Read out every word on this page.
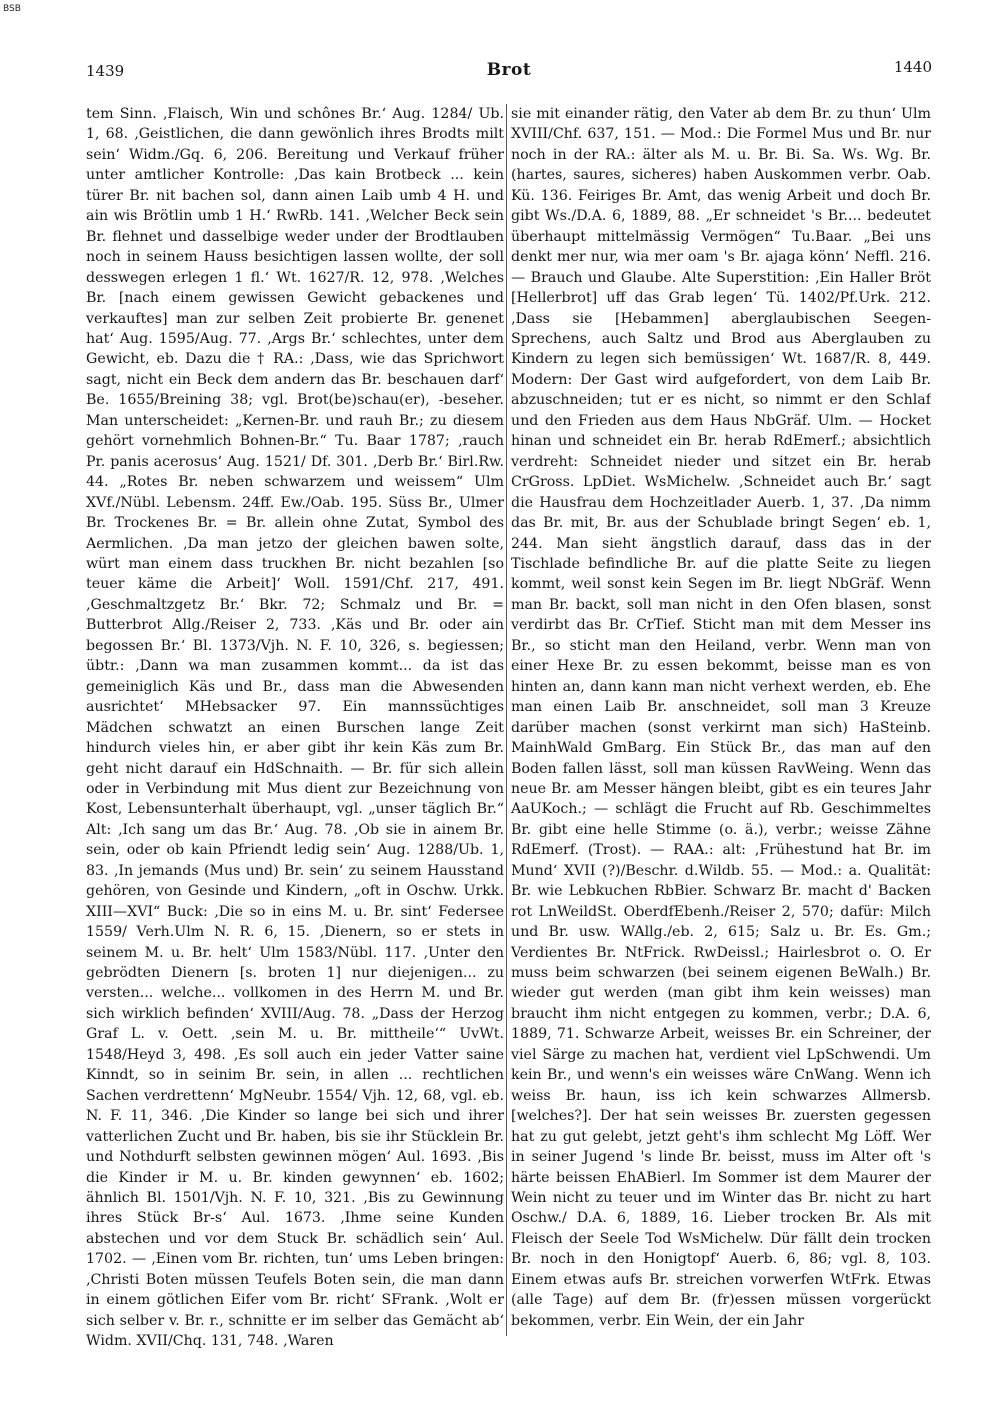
BSB
1439	Brot	1440

tem Sinn. ‚Flaisch, Win und schônes Br.‘ Aug. 1284/ Ub. 1, 68. ‚Geistlichen, die dann gewönlich ihres Brodts milt sein‘ Widm./Gq. 6, 206. Bereitung und Verkauf früher unter amtlicher Kontrolle: ‚Das kain Brotbeck ... kein türer Br. nit bachen sol, dann ainen Laib umb 4 H. und ain wis Brötlin umb 1 H.‘ RwRb. 141. ‚Welcher Beck sein Br. flehnet und dasselbige weder under der Brodtlauben noch in seinem Hauss besichtigen lassen wollte, der soll desswegen erlegen 1 fl.‘ Wt. 1627/R. 12, 978. ‚Welches Br. [nach einem gewissen Gewicht gebackenes und verkauftes] man zur selben Zeit probierte Br. genenet hat‘ Aug. 1595/Aug. 77. ‚Args Br.‘ schlechtes, unter dem Gewicht, eb. Dazu die † RA.: ‚Dass, wie das Sprichwort sagt, nicht ein Beck dem andern das Br. beschauen darf‘ Be. 1655/Breining 38; vgl. Brot(be)schau(er), -beseher. Man unterscheidet: „Kernen-Br. und rauh Br.; zu diesem gehört vornehmlich Bohnen-Br.“ Tu. Baar 1787; ‚rauch Pr. panis acerosus‘ Aug. 1521/ Df. 301. ‚Derb Br.‘ Birl.Rw. 44. „Rotes Br. neben schwarzem und weissem“ Ulm XVf./Nübl. Lebensm. 24ff. Ew./Oab. 195. Süss Br., Ulmer Br. Trockenes Br. = Br. allein ohne Zutat, Symbol des Aermlichen. ‚Da man jetzo der gleichen bawen solte, würt man einem dass truckhen Br. nicht bezahlen [so teuer käme die Arbeit]‘ Woll. 1591/Chf. 217, 491. ‚Geschmaltzgetz Br.‘ Bkr. 72; Schmalz und Br. = Butterbrot Allg./Reiser 2, 733. ‚Käs und Br. oder ain begossen Br.‘ Bl. 1373/Vjh. N. F. 10, 326, s. begiessen; übtr.: ‚Dann wa man zusammen kommt... da ist das gemeiniglich Käs und Br., dass man die Abwesenden ausrichtet‘ MHebsacker 97. Ein mannssüchtiges Mädchen schwatzt an einen Burschen lange Zeit hindurch vieles hin, er aber gibt ihr kein Käs zum Br. geht nicht darauf ein HdSchnaith. — Br. für sich allein oder in Verbindung mit Mus dient zur Bezeichnung von Kost, Lebensunterhalt überhaupt, vgl. „unser täglich Br.“ Alt: ‚Ich sang um das Br.‘ Aug. 78. ‚Ob sie in ainem Br. sein, oder ob kain Pfriendt ledig sein‘ Aug. 1288/Ub. 1, 83. ‚In jemands (Mus und) Br. sein‘ zu seinem Hausstand gehören, von Gesinde und Kindern, „oft in Oschw. Urkk. XIII—XVI“ Buck: ‚Die so in eins M. u. Br. sint‘ Federsee 1559/ Verh.Ulm N. R. 6, 15. ‚Dienern, so er stets in seinem M. u. Br. helt‘ Ulm 1583/Nübl. 117. ‚Unter den gebrödten Dienern [s. broten 1] nur diejenigen... zu versten... welche... vollkomen in des Herrn M. und Br. sich wirklich befinden‘ XVIII/Aug. 78. „Dass der Herzog Graf L. v. Oett. ‚sein M. u. Br. mittheile‘“ UvWt. 1548/Heyd 3, 498. ‚Es soll auch ein jeder Vatter saine Kinndt, so in seinim Br. sein, in allen ... rechtlichen Sachen verdrettenn‘ MgNeubr. 1554/ Vjh. 12, 68, vgl. eb. N. F. 11, 346. ‚Die Kinder so lange bei sich und ihrer vatterlichen Zucht und Br. haben, bis sie ihr Stücklein Br. und Nothdurft selbsten gewinnen mögen‘ Aul. 1693. ‚Bis die Kinder ir M. u. Br. kinden gewynnen‘ eb. 1602; ähnlich Bl. 1501/Vjh. N. F. 10, 321. ‚Bis zu Gewinnung ihres Stück Br-s‘ Aul. 1673. ‚Ihme seine Kunden abstechen und vor dem Stuck Br. schädlich sein‘ Aul. 1702. — ‚Einen vom Br. richten, tun‘ ums Leben bringen: ‚Christi Boten müssen Teufels Boten sein, die man dann in einem götlichen Eifer vom Br. richt‘ SFrank. ‚Wolt er sich selber v. Br. r., schnitte er im selber das Gemächt ab‘ Widm. XVII/Chq. 131, 748. ‚Waren

sie mit einander rätig, den Vater ab dem Br. zu thun‘ Ulm XVIII/Chf. 637, 151. — Mod.: Die Formel Mus und Br. nur noch in der RA.: älter als M. u. Br. Bi. Sa. Ws. Wg. Br. (hartes, saures, sicheres) haben Auskommen verbr. Oab. Kü. 136. Feiriges Br. Amt, das wenig Arbeit und doch Br. gibt Ws./D.A. 6, 1889, 88. „Er schneidet 's Br.... bedeutet überhaupt mittelmässig Vermögen“ Tu.Baar. „Bei uns denkt mer nur, wia mer oam 's Br. ajaga könn‘ Neffl. 216. — Brauch und Glaube. Alte Superstition: ‚Ein Haller Bröt [Hellerbrot] uff das Grab legen‘ Tü. 1402/Pf.Urk. 212. ‚Dass sie [Hebammen] aberglaubischen Seegen-Sprechens, auch Saltz und Brod aus Aberglauben zu Kindern zu legen sich bemüssigen‘ Wt. 1687/R. 8, 449. Modern: Der Gast wird aufgefordert, von dem Laib Br. abzuschneiden; tut er es nicht, so nimmt er den Schlaf und den Frieden aus dem Haus NbGräf. Ulm. — Hocket hinan und schneidet ein Br. herab RdEmerf.; absichtlich verdreht: Schneidet nieder und sitzet ein Br. herab CrGross. LpDiet. WsMichelw. ‚Schneidet auch Br.‘ sagt die Hausfrau dem Hochzeitlader Auerb. 1, 37. ‚Da nimm das Br. mit, Br. aus der Schublade bringt Segen‘ eb. 1, 244. Man sieht ängstlich darauf, dass das in der Tischlade befindliche Br. auf die platte Seite zu liegen kommt, weil sonst kein Segen im Br. liegt NbGräf. Wenn man Br. backt, soll man nicht in den Ofen blasen, sonst verdirbt das Br. CrTief. Sticht man mit dem Messer ins Br., so sticht man den Heiland, verbr. Wenn man von einer Hexe Br. zu essen bekommt, beisse man es von hinten an, dann kann man nicht verhext werden, eb. Ehe man einen Laib Br. anschneidet, soll man 3 Kreuze darüber machen (sonst verkirnt man sich) HaSteinb. MainhWald GmBarg. Ein Stück Br., das man auf den Boden fallen lässt, soll man küssen RavWeing. Wenn das neue Br. am Messer hängen bleibt, gibt es ein teures Jahr AaUKoch.; — schlägt die Frucht auf Rb. Geschimmeltes Br. gibt eine helle Stimme (o. ä.), verbr.; weisse Zähne RdEmerf. (Trost). — RAA.: alt: ‚Frühestund hat Br. im Mund‘ XVII (?)/Beschr. d.Wildb. 55. — Mod.: a. Qualität: Br. wie Lebkuchen RbBier. Schwarz Br. macht d' Backen rot LnWeildSt. OberdfEbenh./Reiser 2, 570; dafür: Milch und Br. usw. WAllg./eb. 2, 615; Salz u. Br. Es. Gm.; Verdientes Br. NtFrick. RwDeissl.; Hairlesbrot o. O. Er muss beim schwarzen (bei seinem eigenen BeWalh.) Br. wieder gut werden (man gibt ihm kein weisses) man braucht ihm nicht entgegen zu kommen, verbr.; D.A. 6, 1889, 71. Schwarze Arbeit, weisses Br. ein Schreiner, der viel Särge zu machen hat, verdient viel LpSchwendi. Um kein Br., und wenn's ein weisses wäre CnWang. Wenn ich weiss Br. haun, iss ich kein schwarzes Allmersb. [welches?]. Der hat sein weisses Br. zuersten gegessen hat zu gut gelebt, jetzt geht's ihm schlecht Mg Löff. Wer in seiner Jugend 's linde Br. beisst, muss im Alter oft 's härte beissen EhABierl. Im Sommer ist dem Maurer der Wein nicht zu teuer und im Winter das Br. nicht zu hart Oschw./ D.A. 6, 1889, 16. Lieber trocken Br. Als mit Fleisch der Seele Tod WsMichelw. Dür fällt dein trocken Br. noch in den Honigtopf‘ Auerb. 6, 86; vgl. 8, 103. Einem etwas aufs Br. streichen vorwerfen WtFrk. Etwas (alle Tage) auf dem Br. (fr)essen müssen vorgerückt bekommen, verbr. Ein Wein, der ein Jahr
